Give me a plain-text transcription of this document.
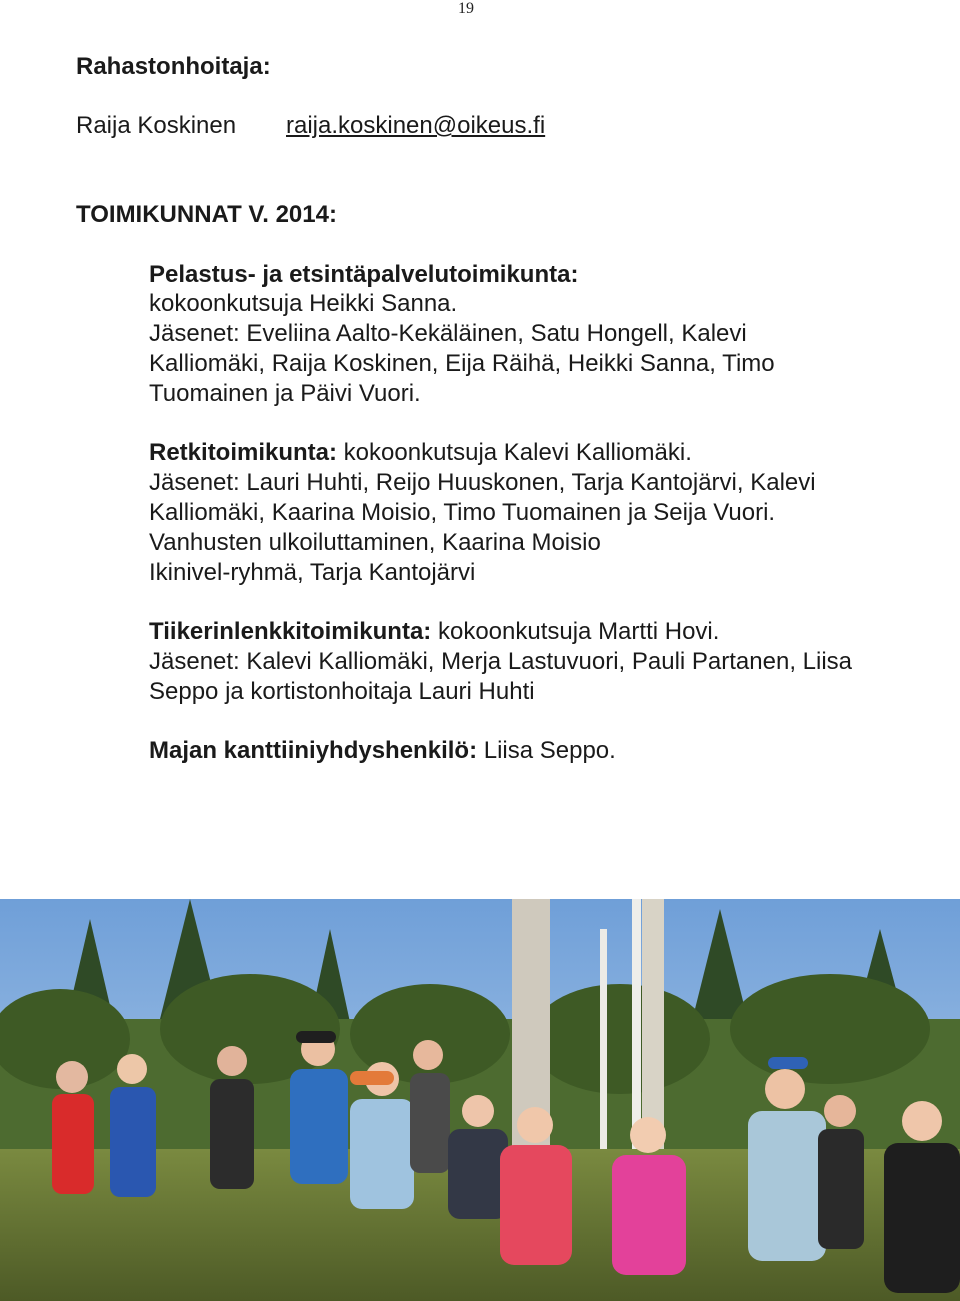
19
Rahastonhoitaja:
Raija Koskinen raija.koskinen@oikeus.fi
TOIMIKUNNAT V. 2014:
Pelastus- ja etsintäpalvelutoimikunta:
kokoonkutsuja Heikki Sanna.
Jäsenet: Eveliina Aalto-Kekäläinen, Satu Hongell, Kalevi
Kalliomäki, Raija Koskinen, Eija Räihä, Heikki Sanna, Timo
Tuomainen ja Päivi Vuori.
Retkitoimikunta: kokoonkutsuja Kalevi Kalliomäki.
Jäsenet: Lauri Huhti, Reijo Huuskonen, Tarja Kantojärvi, Kalevi
Kalliomäki, Kaarina Moisio, Timo Tuomainen ja Seija Vuori.
Vanhusten ulkoiluttaminen, Kaarina Moisio
Ikinivel-ryhmä, Tarja Kantojärvi
Tiikerinlenkkitoimikunta: kokoonkutsuja Martti Hovi.
Jäsenet: Kalevi Kalliomäki, Merja Lastuvuori, Pauli Partanen, Liisa
Seppo ja kortistonhoitaja Lauri Huhti
Majan kanttiiniyhdyshenkilö: Liisa Seppo.
